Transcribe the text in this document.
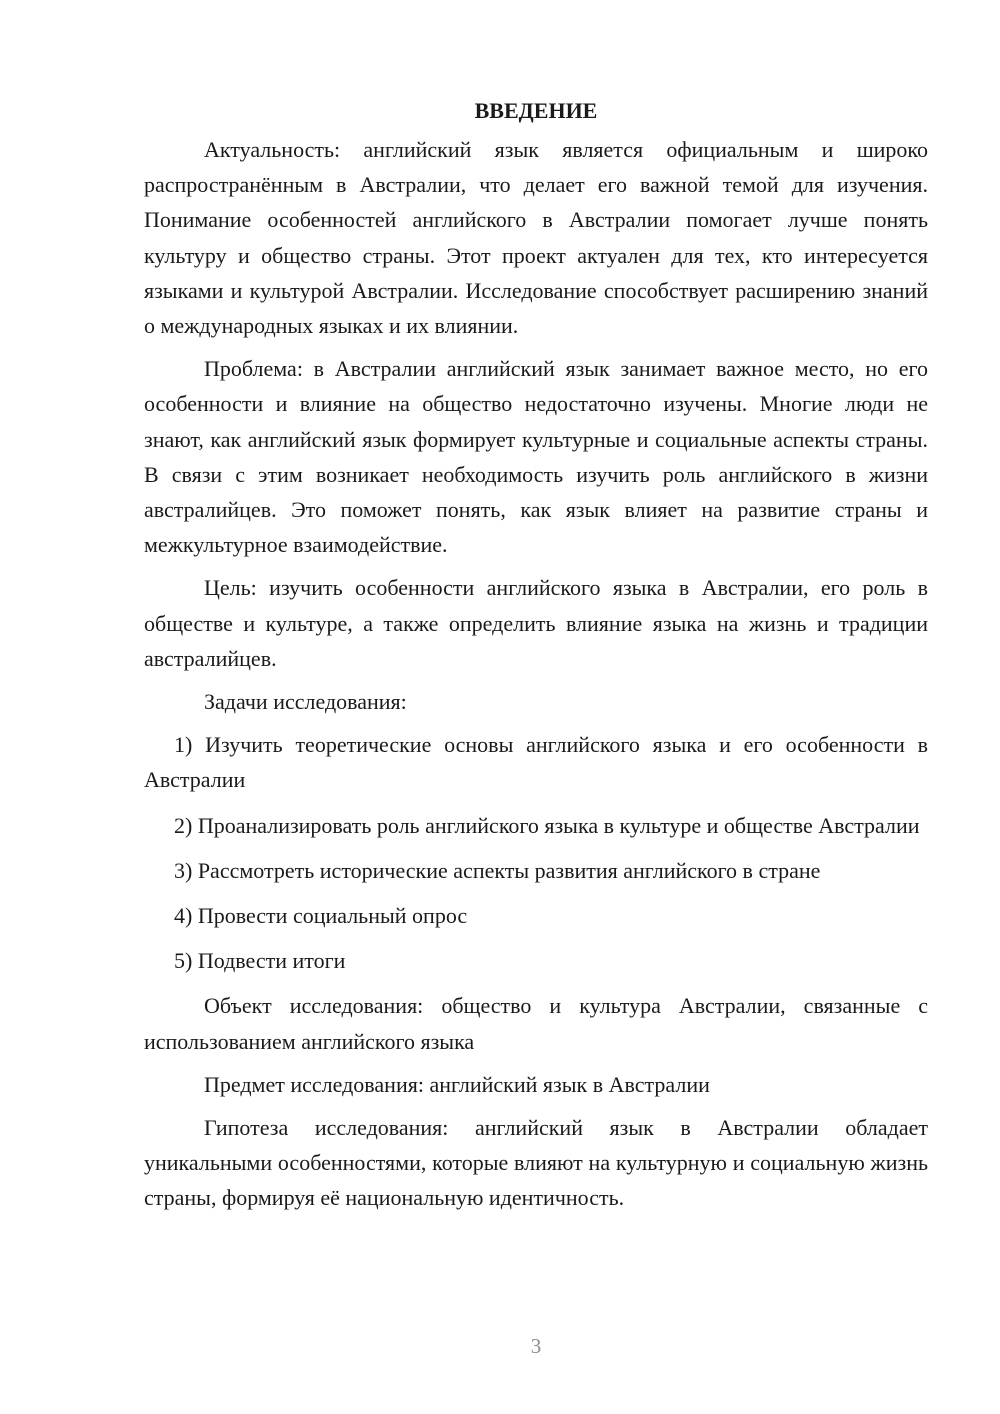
ВВЕДЕНИЕ

Актуальность: английский язык является официальным и широко распространённым в Австралии, что делает его важной темой для изучения. Понимание особенностей английского в Австралии помогает лучше понять культуру и общество страны. Этот проект актуален для тех, кто интересуется языками и культурой Австралии. Исследование способствует расширению знаний о международных языках и их влиянии.

Проблема: в Австралии английский язык занимает важное место, но его особенности и влияние на общество недостаточно изучены. Многие люди не знают, как английский язык формирует культурные и социальные аспекты страны. В связи с этим возникает необходимость изучить роль английского в жизни австралийцев. Это поможет понять, как язык влияет на развитие страны и межкультурное взаимодействие.

Цель: изучить особенности английского языка в Австралии, его роль в обществе и культуре, а также определить влияние языка на жизнь и традиции австралийцев.

Задачи исследования:

1) Изучить теоретические основы английского языка и его особенности в Австралии

2) Проанализировать роль английского языка в культуре и обществе Австралии

3) Рассмотреть исторические аспекты развития английского в стране

4) Провести социальный опрос

5) Подвести итоги

Объект исследования: общество и культура Австралии, связанные с использованием английского языка

Предмет исследования: английский язык в Австралии

Гипотеза исследования: английский язык в Австралии обладает уникальными особенностями, которые влияют на культурную и социальную жизнь страны, формируя её национальную идентичность.

3
